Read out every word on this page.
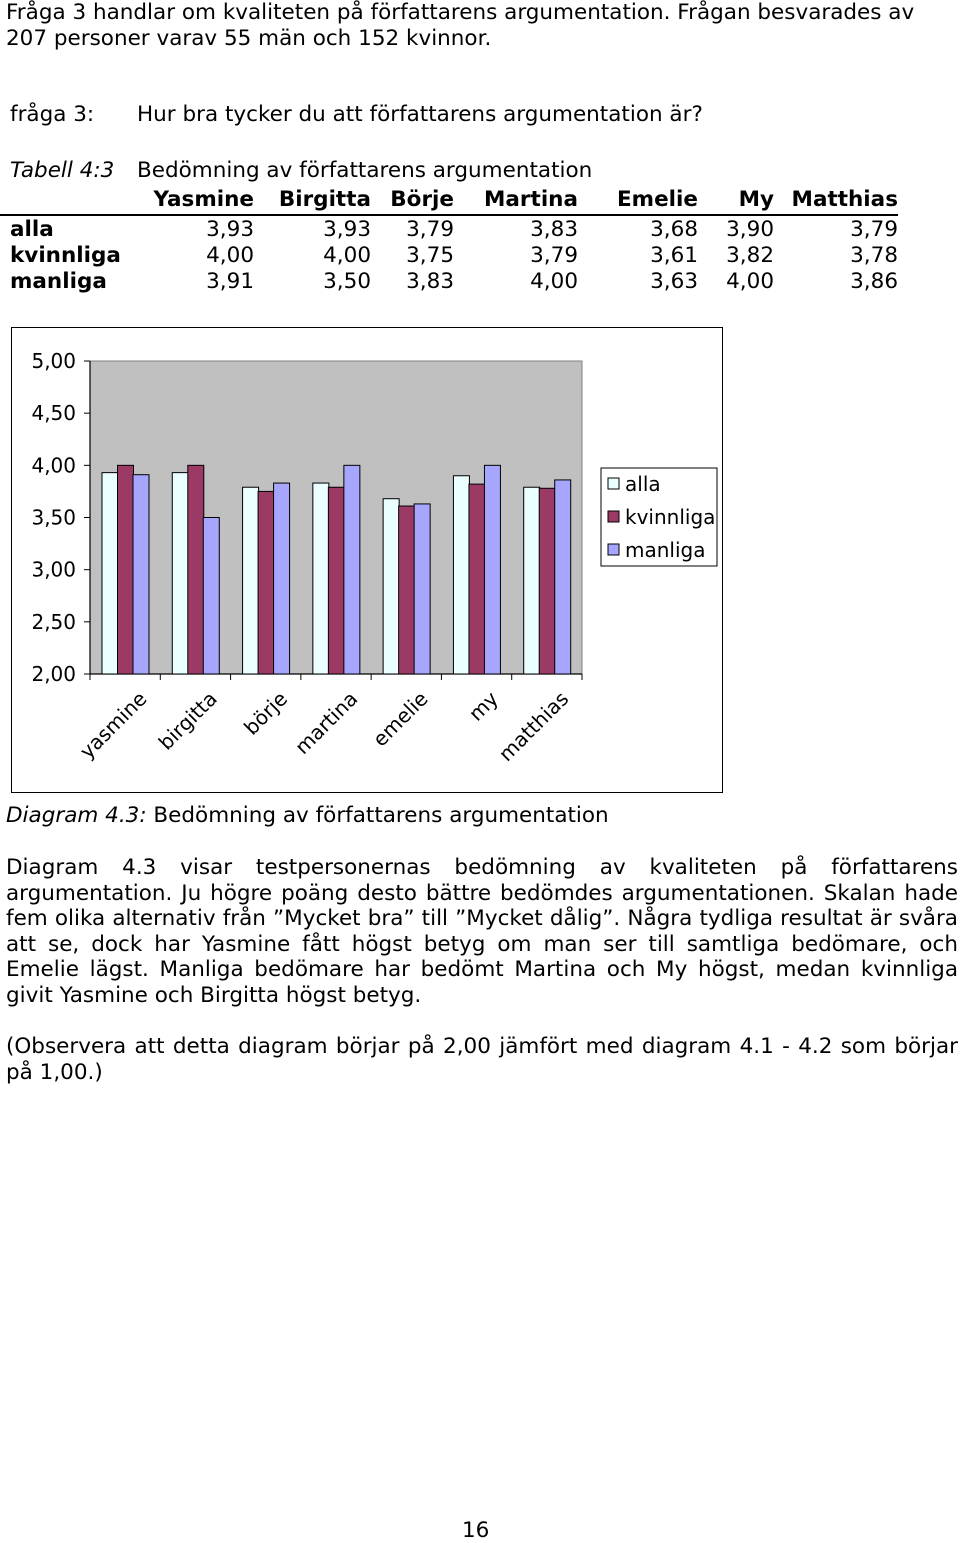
Fråga 3 handlar om kvaliteten på författarens argumentation. Frågan besvarades av 207 personer varav 55 män och 152 kvinnor.
fråga 3: Hur bra tycker du att författarens argumentation är?
Tabell 4:3 Bedömning av författarens argumentation
	Yasmine	Birgitta	Börje	Martina	Emelie	My	Matthias
alla	3,93	3,93	3,79	3,83	3,68	3,90	3,79
kvinnliga	4,00	4,00	3,75	3,79	3,61	3,82	3,78
manliga	3,91	3,50	3,83	4,00	3,63	4,00	3,86
2,00
2,50
3,00
3,50
4,00
4,50
5,00
yasmine birgitta börje
martina emelie my
matthias
alla
kvinnliga
manliga
Diagram 4.3: Bedömning av författarens argumentation
Diagram 4.3 visar testpersonernas bedömning av kvaliteten på författarens argumentation. Ju högre poäng desto bättre bedömdes argumentationen. Skalan hade fem olika alternativ från ”Mycket bra” till ”Mycket dålig”. Några tydliga resultat är svåra att se, dock har Yasmine fått högst betyg om man ser till samtliga bedömare, och Emelie lägst. Manliga bedömare har bedömt Martina och My högst, medan kvinnliga givit Yasmine och Birgitta högst betyg.
(Observera att detta diagram börjar på 2,00 jämfört med diagram 4.1 - 4.2 som börjar på 1,00.)
16
